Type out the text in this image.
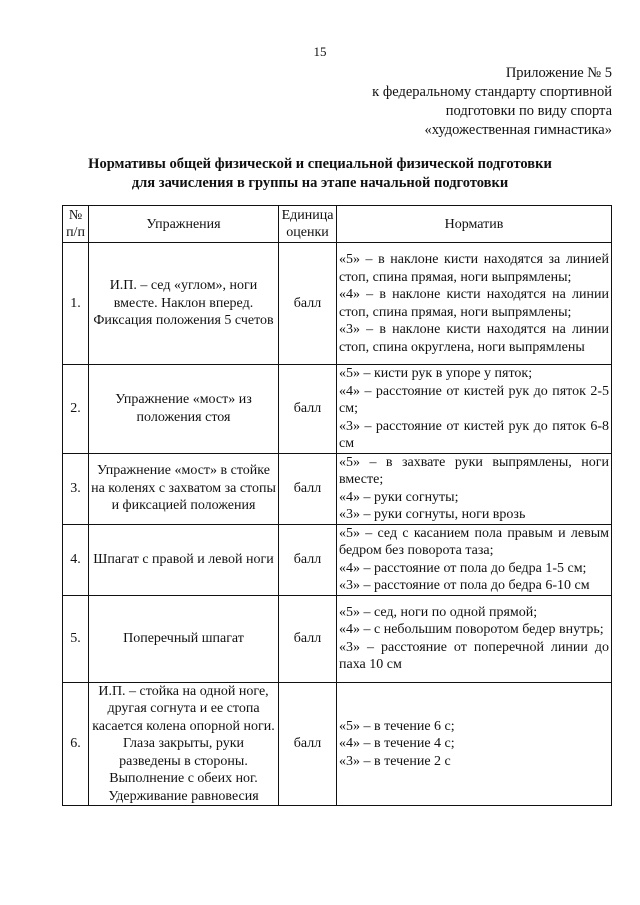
15
Приложение № 5
к федеральному стандарту спортивной
подготовки по виду спорта
«художественная гимнастика»
Нормативы общей физической и специальной физической подготовки
для зачисления в группы на этапе начальной подготовки
№ п/п	Упражнения	Единица оценки	Норматив
1.	И.П. – сед «углом», ноги вместе. Наклон вперед. Фиксация положения 5 счетов	балл	«5» – в наклоне кисти находятся за линией стоп, спина прямая, ноги выпрямлены;
«4» – в наклоне кисти находятся на линии стоп, спина прямая, ноги выпрямлены;
«3» – в наклоне кисти находятся на линии стоп, спина округлена, ноги выпрямлены

2.	Упражнение «мост» из положения стоя	балл	«5» – кисти рук в упоре у пяток;
«4» – расстояние от кистей рук до пяток 2-5 см;
«3» – расстояние от кистей рук до пяток 6-8 см

3.	Упражнение «мост» в стойке на коленях с захватом за стопы и фиксацией положения	балл	«5» – в захвате руки выпрямлены, ноги вместе;
«4» – руки согнуты;
«3» – руки согнуты, ноги врозь

4.	Шпагат с правой и левой ноги	балл	«5» – сед с касанием пола правым и левым бедром без поворота таза;
«4» – расстояние от пола до бедра 1-5 см;
«3» – расстояние от пола до бедра 6-10 см

5.	Поперечный шпагат	балл	«5» – сед, ноги по одной прямой;
«4» – с небольшим поворотом бедер внутрь;
«3» – расстояние от поперечной линии до паха 10 см

6.	И.П. – стойка на одной ноге, другая согнута и ее стопа касается колена опорной ноги. Глаза закрыты, руки разведены в стороны. Выполнение с обеих ног. Удерживание равновесия	балл	«5» – в течение 6 с;
«4» – в течение 4 с;
«3» – в течение 2 с
